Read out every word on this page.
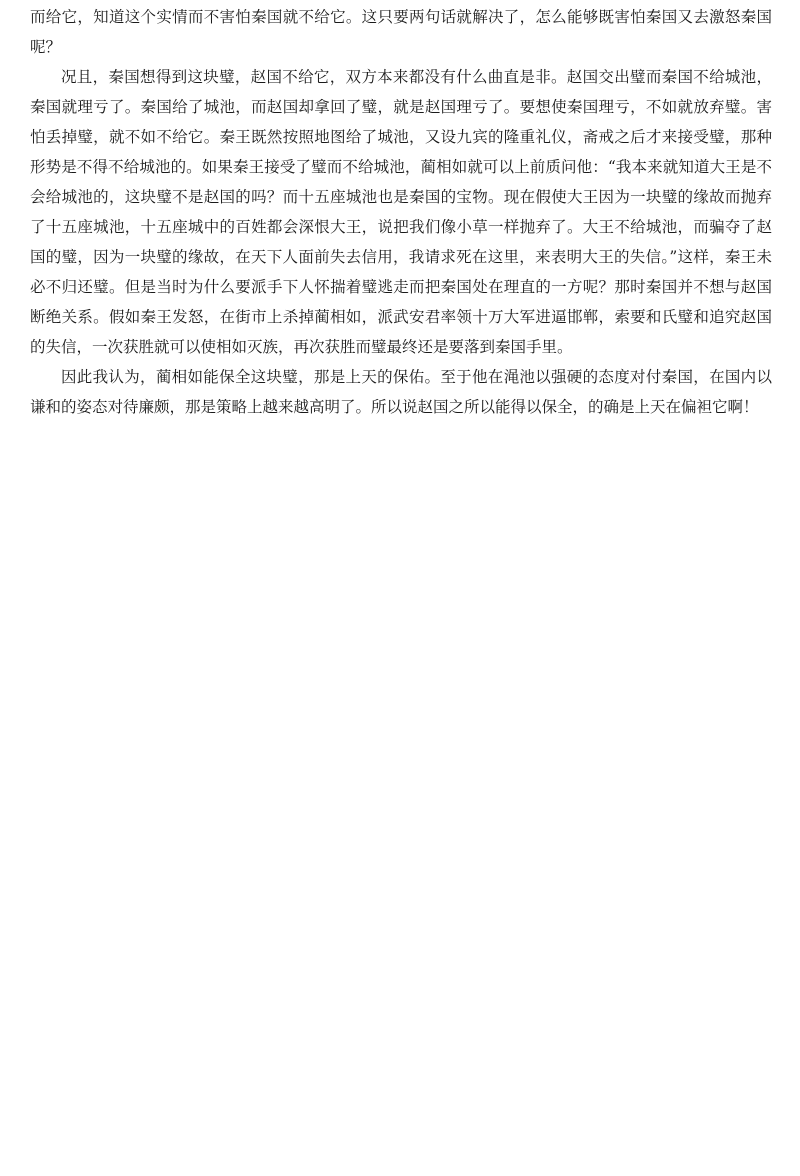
而给它，知道这个实情而不害怕秦国就不给它。这只要两句话就解决了，怎么能够既害怕秦国又去激怒秦国呢？

况且，秦国想得到这块璧，赵国不给它，双方本来都没有什么曲直是非。赵国交出璧而秦国不给城池，秦国就理亏了。秦国给了城池，而赵国却拿回了璧，就是赵国理亏了。要想使秦国理亏，不如就放弃璧。害怕丢掉璧，就不如不给它。秦王既然按照地图给了城池，又设九宾的隆重礼仪，斋戒之后才来接受璧，那种形势是不得不给城池的。如果秦王接受了璧而不给城池，蔺相如就可以上前质问他：“我本来就知道大王是不会给城池的，这块璧不是赵国的吗？而十五座城池也是秦国的宝物。现在假使大王因为一块璧的缘故而抛弃了十五座城池，十五座城中的百姓都会深恨大王，说把我们像小草一样抛弃了。大王不给城池，而骗夺了赵国的璧，因为一块璧的缘故，在天下人面前失去信用，我请求死在这里，来表明大王的失信。”这样，秦王未必不归还璧。但是当时为什么要派手下人怀揣着璧逃走而把秦国处在理直的一方呢？那时秦国并不想与赵国断绝关系。假如秦王发怒，在街市上杀掉蔺相如，派武安君率领十万大军进逼邯郸，索要和氏璧和追究赵国的失信，一次获胜就可以使相如灭族，再次获胜而璧最终还是要落到秦国手里。

因此我认为，蔺相如能保全这块璧，那是上天的保佑。至于他在渑池以强硬的态度对付秦国，在国内以谦和的姿态对待廉颇，那是策略上越来越高明了。所以说赵国之所以能得以保全，的确是上天在偏袒它啊！
